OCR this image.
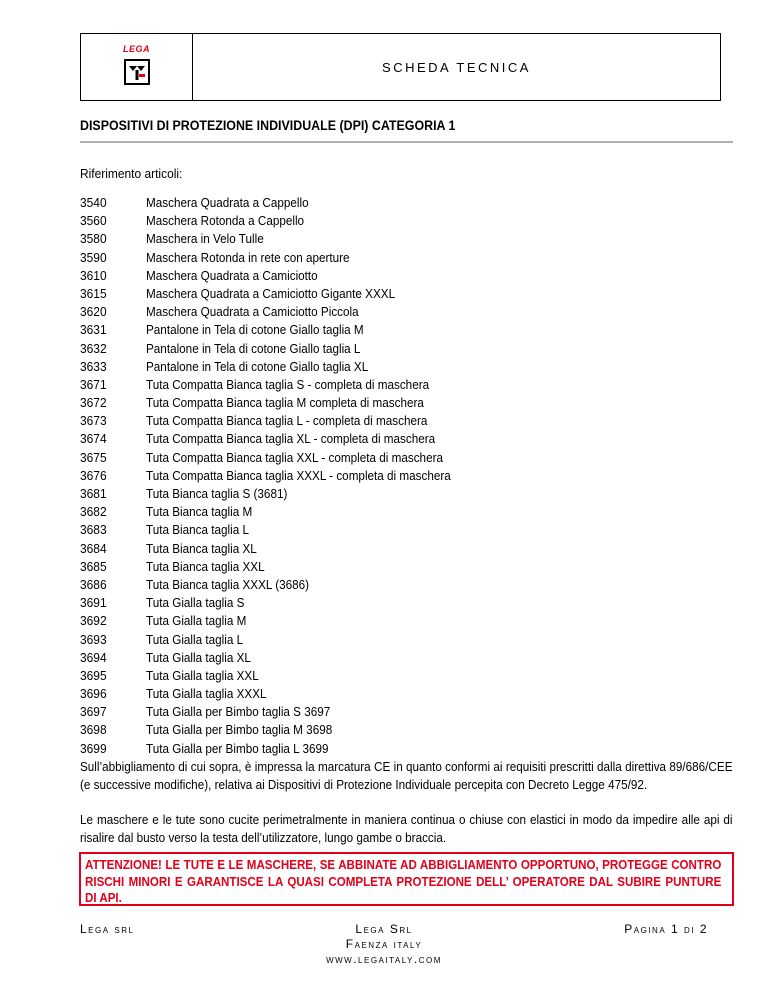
LEGA
SCHEDA TECNICA
DISPOSITIVI DI PROTEZIONE INDIVIDUALE (DPI) CATEGORIA 1
Riferimento articoli:
3540	Maschera Quadrata a Cappello
3560	Maschera Rotonda a Cappello
3580	Maschera in Velo Tulle
3590	Maschera Rotonda in rete con aperture
3610	Maschera Quadrata a Camiciotto
3615	Maschera Quadrata a Camiciotto Gigante XXXL
3620	Maschera Quadrata a Camiciotto Piccola
3631	Pantalone in Tela di cotone Giallo taglia M
3632	Pantalone in Tela di cotone Giallo taglia L
3633	Pantalone in Tela di cotone Giallo taglia XL
3671	Tuta Compatta Bianca taglia S - completa di maschera
3672	Tuta Compatta Bianca taglia M completa di maschera
3673	Tuta Compatta Bianca taglia L - completa di maschera
3674	Tuta Compatta Bianca taglia XL - completa di maschera
3675	Tuta Compatta Bianca taglia XXL - completa di maschera
3676	Tuta Compatta Bianca taglia XXXL - completa di maschera
3681	Tuta Bianca taglia S (3681)
3682	Tuta Bianca taglia M
3683	Tuta Bianca taglia L
3684	Tuta Bianca taglia XL
3685	Tuta Bianca taglia XXL
3686	Tuta Bianca taglia XXXL (3686)
3691	Tuta Gialla taglia S
3692	Tuta Gialla taglia M
3693	Tuta Gialla taglia L
3694	Tuta Gialla taglia XL
3695	Tuta Gialla taglia XXL
3696	Tuta Gialla taglia XXXL
3697	Tuta Gialla per Bimbo taglia S 3697
3698	Tuta Gialla per Bimbo taglia M 3698
3699	Tuta Gialla per Bimbo taglia L 3699

Sull’abbigliamento di cui sopra, è impressa la marcatura CE in quanto conformi ai requisiti prescritti dalla direttiva 89/686/CEE (e successive modifiche), relativa ai Dispositivi di Protezione Individuale percepita con Decreto Legge 475/92.

Le maschere e le tute sono cucite perimetralmente in maniera continua o chiuse con elastici in modo da impedire alle api di risalire dal busto verso la testa dell’utilizzatore, lungo gambe o braccia.

ATTENZIONE! LE TUTE E LE MASCHERE, SE ABBINATE AD ABBIGLIAMENTO OPPORTUNO, PROTEGGE CONTRO RISCHI MINORI E GARANTISCE LA QUASI COMPLETA PROTEZIONE DELL’ OPERATORE DAL SUBIRE PUNTURE DI API.
Lega srl	Lega Srl
Faenza italy
www.legaitaly.com
Pagina 1 di 2
